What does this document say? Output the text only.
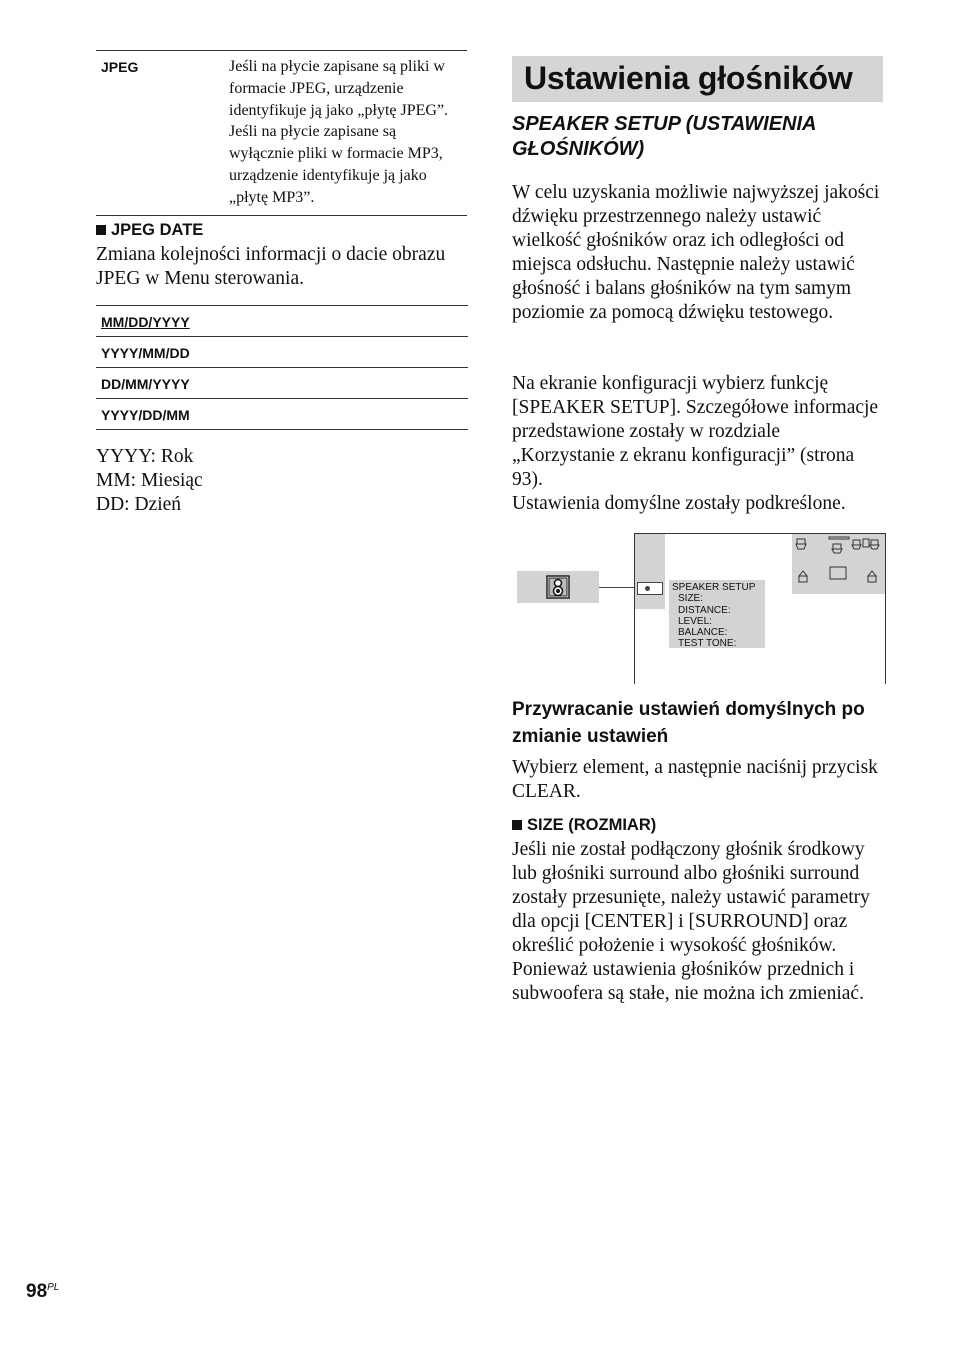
JPEG	Jeśli na płycie zapisane są pliki w formacie JPEG, urządzenie identyfikuje ją jako „płytę JPEG”. Jeśli na płycie zapisane są wyłącznie pliki w formacie MP3, urządzenie identyfikuje ją jako „płytę MP3”.
JPEG DATE
Zmiana kolejności informacji o dacie obrazu JPEG w Menu sterowania.
MM/DD/YYYY
YYYY/MM/DD
DD/MM/YYYY
YYYY/DD/MM
YYYY: Rok
MM: Miesiąc
DD: Dzień
Ustawienia głośników
SPEAKER SETUP (USTAWIENIA GŁOŚNIKÓW)
W celu uzyskania możliwie najwyższej jakości dźwięku przestrzennego należy ustawić wielkość głośników oraz ich odległości od miejsca odsłuchu. Następnie należy ustawić głośność i balans głośników na tym samym poziomie za pomocą dźwięku testowego.
Na ekranie konfiguracji wybierz funkcję [SPEAKER SETUP]. Szczegółowe informacje przedstawione zostały w rozdziale „Korzystanie z ekranu konfiguracji” (strona 93).
Ustawienia domyślne zostały podkreślone.
SPEAKER SETUP
SIZE:
DISTANCE:
LEVEL:
BALANCE:
TEST TONE:
Przywracanie ustawień domyślnych po zmianie ustawień
Wybierz element, a następnie naciśnij przycisk CLEAR.
SIZE (ROZMIAR)
Jeśli nie został podłączony głośnik środkowy lub głośniki surround albo głośniki surround zostały przesunięte, należy ustawić parametry dla opcji [CENTER] i [SURROUND] oraz określić położenie i wysokość głośników. Ponieważ ustawienia głośników przednich i subwoofera są stałe, nie można ich zmieniać.
$98^{PL}$
